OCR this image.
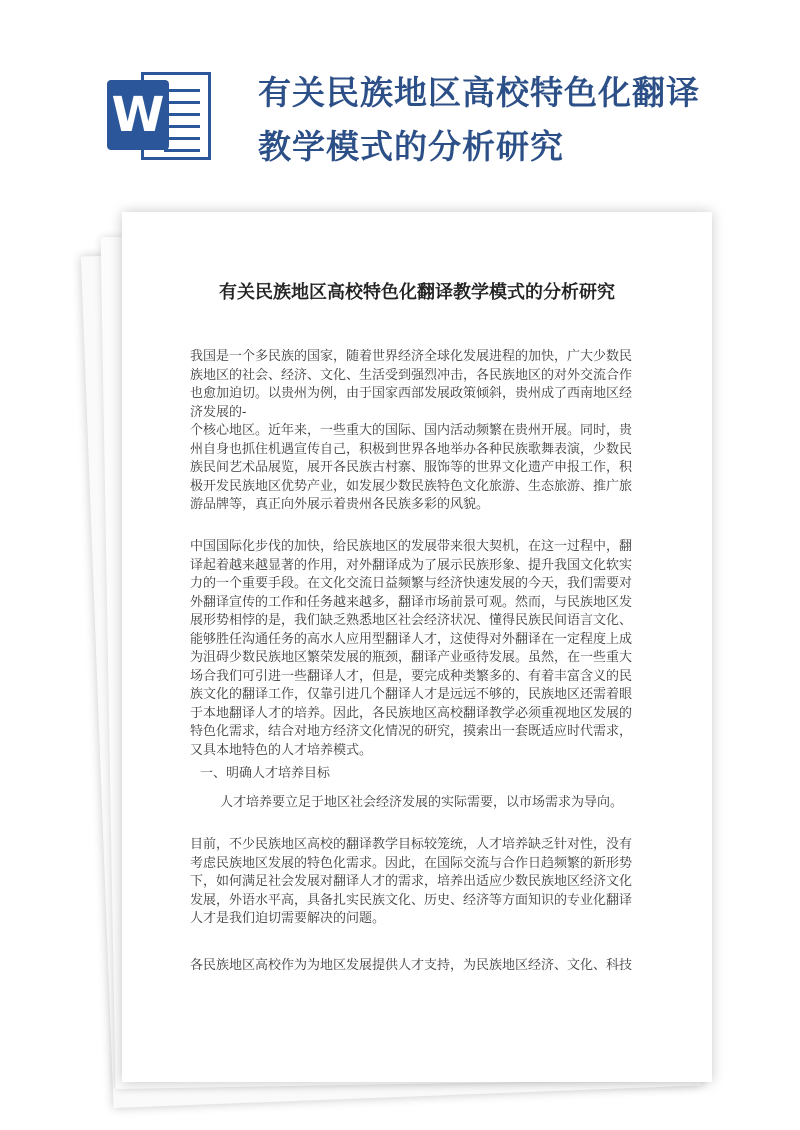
W	有关民族地区高校特色化翻译
教学模式的分析研究
有关民族地区高校特色化翻译教学模式的分析研究
我国是一个多民族的国家，随着世界经济全球化发展进程的加快，广大少数民
族地区的社会、经济、文化、生活受到强烈冲击，各民族地区的对外交流合作
也愈加迫切。以贵州为例，由于国家西部发展政策倾斜，贵州成了西南地区经
济发展的-
个核心地区。近年来，一些重大的国际、国内活动频繁在贵州开展。同时，贵
州自身也抓住机遇宣传自己，积极到世界各地举办各种民族歌舞表演，少数民
族民间艺术品展览，展开各民族古村寨、服饰等的世界文化遗产申报工作，积
极开发民族地区优势产业，如发展少数民族特色文化旅游、生态旅游、推广旅
游品牌等，真正向外展示着贵州各民族多彩的风貌。
中国国际化步伐的加快，给民族地区的发展带来很大契机，在这一过程中，翻
译起着越来越显著的作用，对外翻译成为了展示民族形象、提升我国文化软实
力的一个重要手段。在文化交流日益频繁与经济快速发展的今天，我们需要对
外翻译宣传的工作和任务越来越多，翻译市场前景可观。然而，与民族地区发
展形势相悖的是，我们缺乏熟悉地区社会经济状况、懂得民族民间语言文化、
能够胜任沟通任务的高水人应用型翻译人才，这使得对外翻译在一定程度上成
为沮碍少数民族地区繁荣发展的瓶颈，翻译产业亟待发展。虽然，在一些重大
场合我们可引进一些翻译人才，但是，要完成种类繁多的、有着丰富含义的民
族文化的翻译工作，仅靠引进几个翻译人才是远远不够的，民族地区还需着眼
于本地翻译人才的培养。因此，各民族地区高校翻译教学必须重视地区发展的
特色化需求，结合对地方经济文化情况的研究，摸索出一套既适应时代需求，
又具本地特色的人才培养模式。
一、明确人才培养目标
人才培养要立足于地区社会经济发展的实际需要，以市场需求为导向。
目前，不少民族地区高校的翻译教学目标较笼统，人才培养缺乏针对性，没有
考虑民族地区发展的特色化需求。因此，在国际交流与合作日趋频繁的新形势
下，如何满足社会发展对翻译人才的需求，培养出适应少数民族地区经济文化
发展，外语水平高，具备扎实民族文化、历史、经济等方面知识的专业化翻译
人才是我们迫切需要解决的问题。
各民族地区高校作为为地区发展提供人才支持，为民族地区经济、文化、科技
